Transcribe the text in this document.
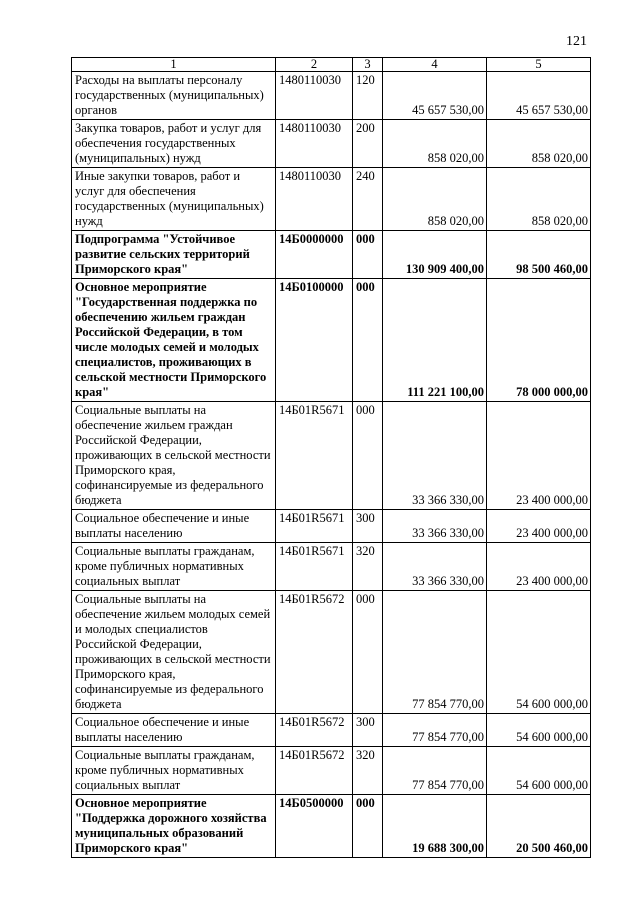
121
1	2	3	4	5
Расходы на выплаты персоналу государственных (муниципальных) органов	1480110030	120	45 657 530,00	45 657 530,00
Закупка товаров, работ и услуг для обеспечения государственных (муниципальных) нужд	1480110030	200	858 020,00	858 020,00
Иные закупки товаров, работ и услуг для обеспечения государственных (муниципальных) нужд	1480110030	240	858 020,00	858 020,00
Подпрограмма "Устойчивое развитие сельских территорий Приморского края"	14Б0000000	000	130 909 400,00	98 500 460,00
Основное мероприятие "Государственная поддержка по обеспечению жильем граждан Российской Федерации, в том числе молодых семей и молодых специалистов, проживающих в сельской местности Приморского края"	14Б0100000	000	111 221 100,00	78 000 000,00
Социальные выплаты на обеспечение жильем граждан Российской Федерации, проживающих в сельской местности Приморского края, софинансируемые из федерального бюджета	14Б01R5671	000	33 366 330,00	23 400 000,00
Социальное обеспечение и иные выплаты населению	14Б01R5671	300	33 366 330,00	23 400 000,00
Социальные выплаты гражданам, кроме публичных нормативных социальных выплат	14Б01R5671	320	33 366 330,00	23 400 000,00
Социальные выплаты на обеспечение жильем молодых семей и молодых специалистов Российской Федерации, проживающих в сельской местности Приморского края, софинансируемые из федерального бюджета	14Б01R5672	000	77 854 770,00	54 600 000,00
Социальное обеспечение и иные выплаты населению	14Б01R5672	300	77 854 770,00	54 600 000,00
Социальные выплаты гражданам, кроме публичных нормативных социальных выплат	14Б01R5672	320	77 854 770,00	54 600 000,00
Основное мероприятие "Поддержка дорожного хозяйства муниципальных образований Приморского края"	14Б0500000	000	19 688 300,00	20 500 460,00
